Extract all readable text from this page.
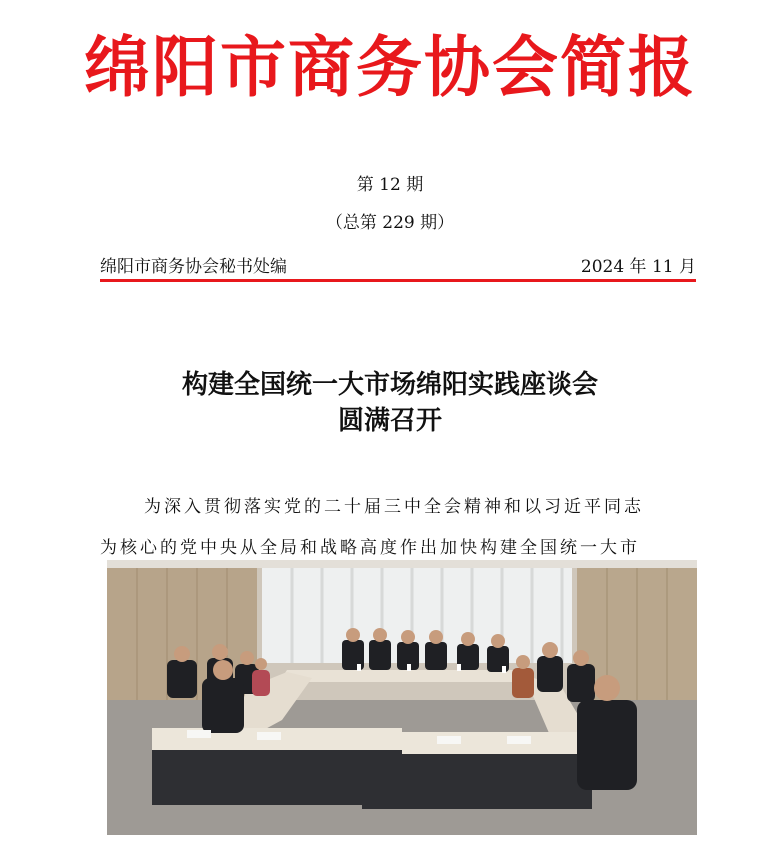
绵阳市商务协会简报
第 12 期
（总第 229 期）
绵阳市商务协会秘书处编	2024 年 11 月
构建全国统一大市场绵阳实践座谈会
圆满召开
为深入贯彻落实党的二十届三中全会精神和以习近平同志
为核心的党中央从全局和战略高度作出加快构建全国统一大市
